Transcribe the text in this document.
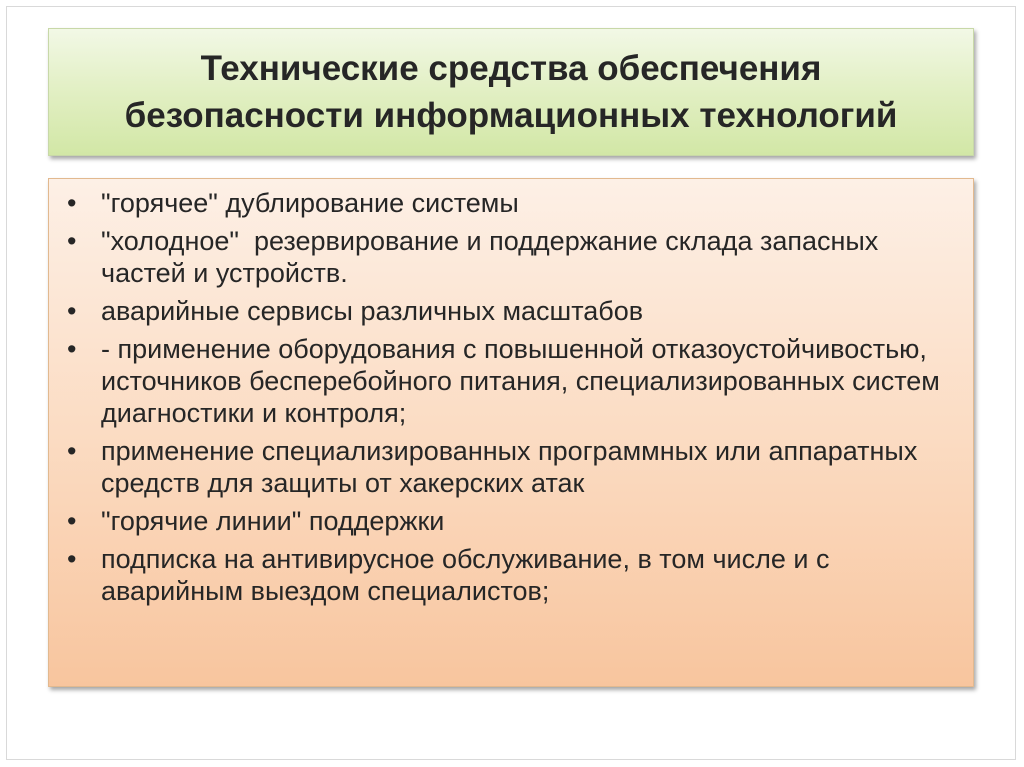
Технические средства обеспечения
безопасности информационных технологий
• "горячее" дублирование системы
• "холодное"  резервирование и поддержание склада запасных частей и устройств.
• аварийные сервисы различных масштабов
• - применение оборудования с повышенной отказоустойчивостью, источников бесперебойного питания, специализированных систем диагностики и контроля;
• применение специализированных программных или аппаратных средств для защиты от хакерских атак
• "горячие линии" поддержки
• подписка на антивирусное обслуживание, в том числе и с аварийным выездом специалистов;
